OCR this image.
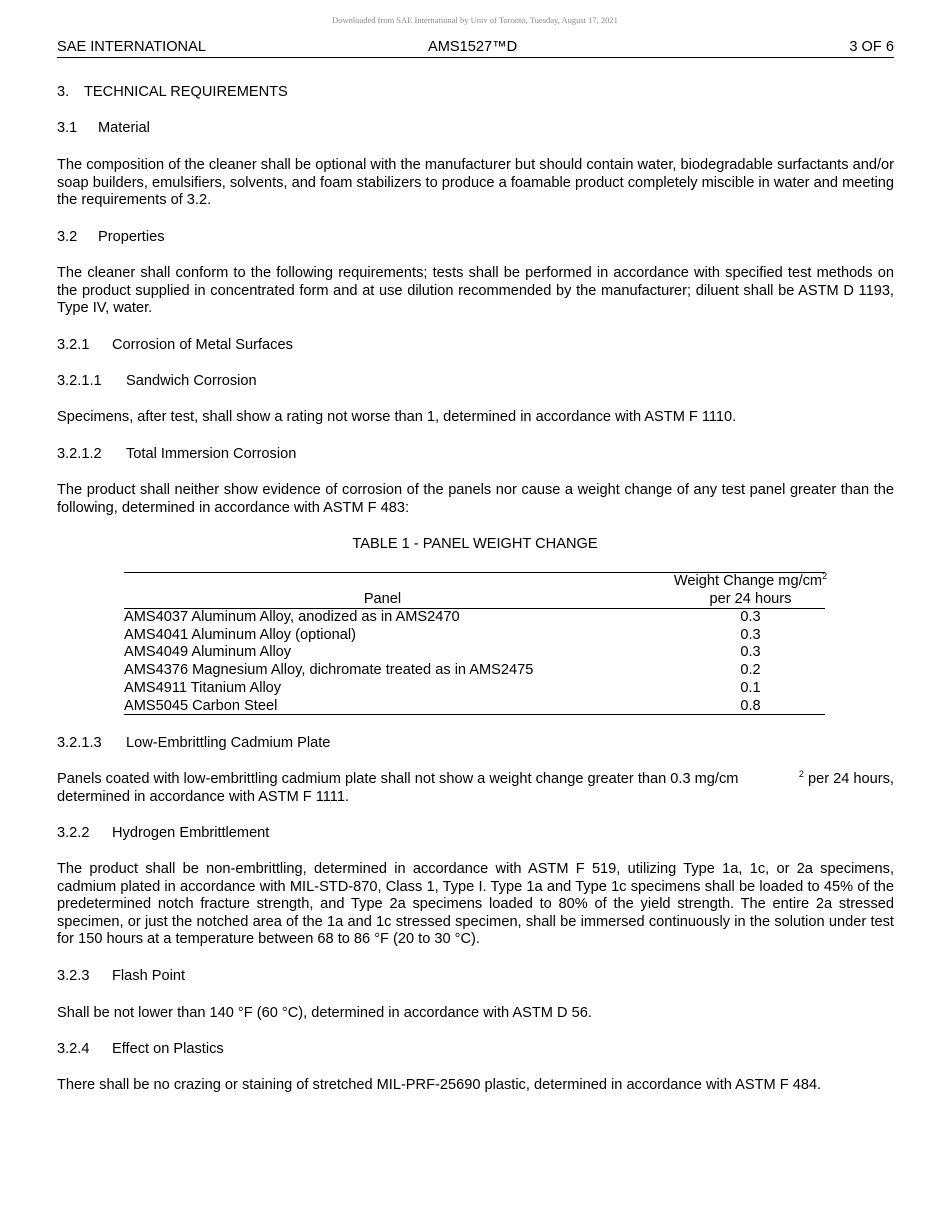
Downloaded from SAE International by Univ of Toronto, Tuesday, August 17, 2021
SAE INTERNATIONAL	AMS1527™D	3 OF 6
3. TECHNICAL REQUIREMENTS
3.1 Material
The composition of the cleaner shall be optional with the manufacturer but should contain water, biodegradable surfactants and/or soap builders, emulsifiers, solvents, and foam stabilizers to produce a foamable product completely miscible in water and meeting the requirements of 3.2.
3.2 Properties
The cleaner shall conform to the following requirements; tests shall be performed in accordance with specified test methods on the product supplied in concentrated form and at use dilution recommended by the manufacturer; diluent shall be ASTM D 1193, Type IV, water.
3.2.1 Corrosion of Metal Surfaces
3.2.1.1 Sandwich Corrosion
Specimens, after test, shall show a rating not worse than 1, determined in accordance with ASTM F 1110.
3.2.1.2 Total Immersion Corrosion
The product shall neither show evidence of corrosion of the panels nor cause a weight change of any test panel greater than the following, determined in accordance with ASTM F 483:
TABLE 1 - PANEL WEIGHT CHANGE
Panel
Weight Change $mg/cm^2$
per 24 hours
AMS4037 Aluminum Alloy, anodized as in AMS2470	0.3
AMS4041 Aluminum Alloy (optional)	0.3
AMS4049 Aluminum Alloy	0.3
AMS4376 Magnesium Alloy, dichromate treated as in AMS2475	0.2
AMS4911 Titanium Alloy	0.1
AMS5045 Carbon Steel	0.8
3.2.1.3 Low-Embrittling Cadmium Plate
Panels coated with low-embrittling cadmium plate shall not show a weight change greater than 0.3 mg/cm	$^2$ per 24 hours,
determined in accordance with ASTM F 1111.
3.2.2 Hydrogen Embrittlement
The product shall be non-embrittling, determined in accordance with ASTM F 519, utilizing Type 1a, 1c, or 2a specimens, cadmium plated in accordance with MIL-STD-870, Class 1, Type I. Type 1a and Type 1c specimens shall be loaded to 45% of the predetermined notch fracture strength, and Type 2a specimens loaded to 80% of the yield strength. The entire 2a stressed specimen, or just the notched area of the 1a and 1c stressed specimen, shall be immersed continuously in the solution under test for 150 hours at a temperature between 68 to 86 °F (20 to 30 °C).
3.2.3 Flash Point
Shall be not lower than 140 °F (60 °C), determined in accordance with ASTM D 56.
3.2.4 Effect on Plastics
There shall be no crazing or staining of stretched MIL-PRF-25690 plastic, determined in accordance with ASTM F 484.
